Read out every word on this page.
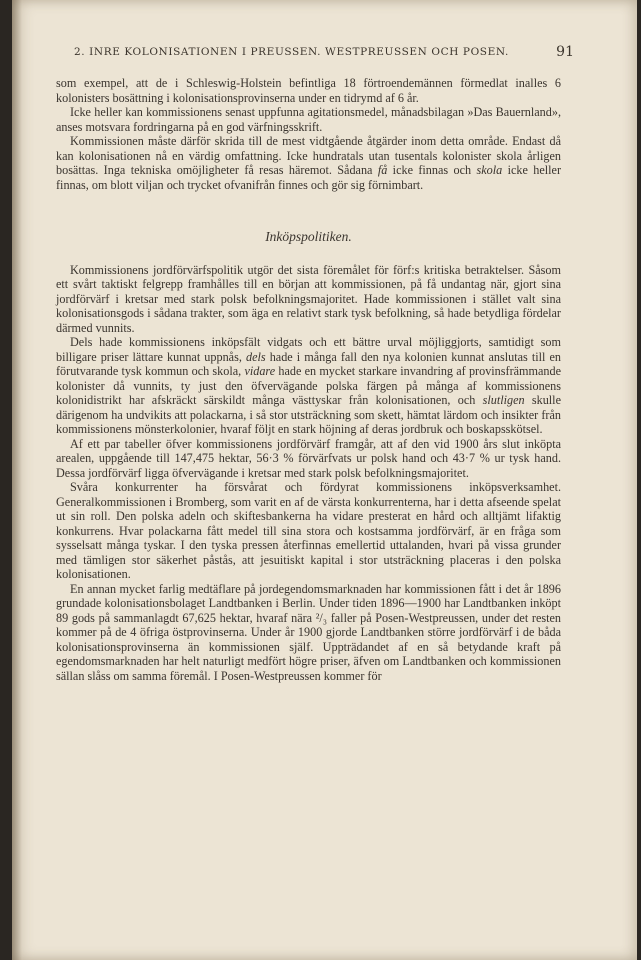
2. INRE KOLONISATIONEN I PREUSSEN. WESTPREUSSEN OCH POSEN.	91

som exempel, att de i Schleswig-Holstein befintliga 18 förtroendemännen förmedlat inalles 6 kolonisters bosättning i kolonisationsprovinserna under en tidrymd af 6 år.

Icke heller kan kommissionens senast uppfunna agitationsmedel, månadsbilagan »Das Bauernland», anses motsvara fordringarna på en god värfningsskrift.

Kommissionen måste därför skrida till de mest vidtgående åtgärder inom detta område. Endast då kan kolonisationen nå en värdig omfattning. Icke hundratals utan tusentals kolonister skola årligen bosättas. Inga tekniska omöjligheter få resas häremot. Sådana få icke finnas och skola icke heller finnas, om blott viljan och trycket ofvanifrån finnes och gör sig förnimbart.

Inköpspolitiken.

Kommissionens jordförvärfspolitik utgör det sista föremålet för förf:s kritiska betraktelser. Såsom ett svårt taktiskt felgrepp framhålles till en början att kommissionen, på få undantag när, gjort sina jordförvärf i kretsar med stark polsk befolkningsmajoritet. Hade kommissionen i stället valt sina kolonisationsgods i sådana trakter, som äga en relativt stark tysk befolkning, så hade betydliga fördelar därmed vunnits.

Dels hade kommissionens inköpsfält vidgats och ett bättre urval möjliggjorts, samtidigt som billigare priser lättare kunnat uppnås, dels hade i många fall den nya kolonien kunnat anslutas till en förutvarande tysk kommun och skola, vidare hade en mycket starkare invandring af provinsfrämmande kolonister då vunnits, ty just den öfvervägande polska färgen på många af kommissionens kolonidistrikt har afskräckt särskildt många västtyskar från kolonisationen, och slutligen skulle därigenom ha undvikits att polackarna, i så stor utsträckning som skett, hämtat lärdom och insikter från kommissionens mönsterkolonier, hvaraf följt en stark höjning af deras jordbruk och boskapsskötsel.

Af ett par tabeller öfver kommissionens jordförvärf framgår, att af den vid 1900 års slut inköpta arealen, uppgående till 147,475 hektar, 56·3 % förvärfvats ur polsk hand och 43·7 % ur tysk hand. Dessa jordförvärf ligga öfvervägande i kretsar med stark polsk befolkningsmajoritet.

Svåra konkurrenter ha försvårat och fördyrat kommissionens inköpsverksamhet. Generalkommissionen i Bromberg, som varit en af de värsta konkurrenterna, har i detta afseende spelat ut sin roll. Den polska adeln och skiftesbankerna ha vidare presterat en hård och alltjämt lifaktig konkurrens. Hvar polackarna fått medel till sina stora och kostsamma jordförvärf, är en fråga som sysselsatt många tyskar. I den tyska pressen återfinnas emellertid uttalanden, hvari på vissa grunder med tämligen stor säkerhet påstås, att jesuitiskt kapital i stor utsträckning placeras i den polska kolonisationen.

En annan mycket farlig medtäflare på jordegendomsmarknaden har kommissionen fått i det år 1896 grundade kolonisationsbolaget Landtbanken i Berlin. Under tiden 1896—1900 har Landtbanken inköpt 89 gods på sammanlagdt 67,625 hektar, hvaraf nära ²/₃ faller på Posen-Westpreussen, under det resten kommer på de 4 öfriga östprovinserna. Under år 1900 gjorde Landtbanken större jordförvärf i de båda kolonisationsprovinserna än kommissionen själf. Uppträdandet af en så betydande kraft på egendomsmarknaden har helt naturligt medfört högre priser, äfven om Landtbanken och kommissionen sällan slåss om samma föremål. I Posen-Westpreussen kommer för
